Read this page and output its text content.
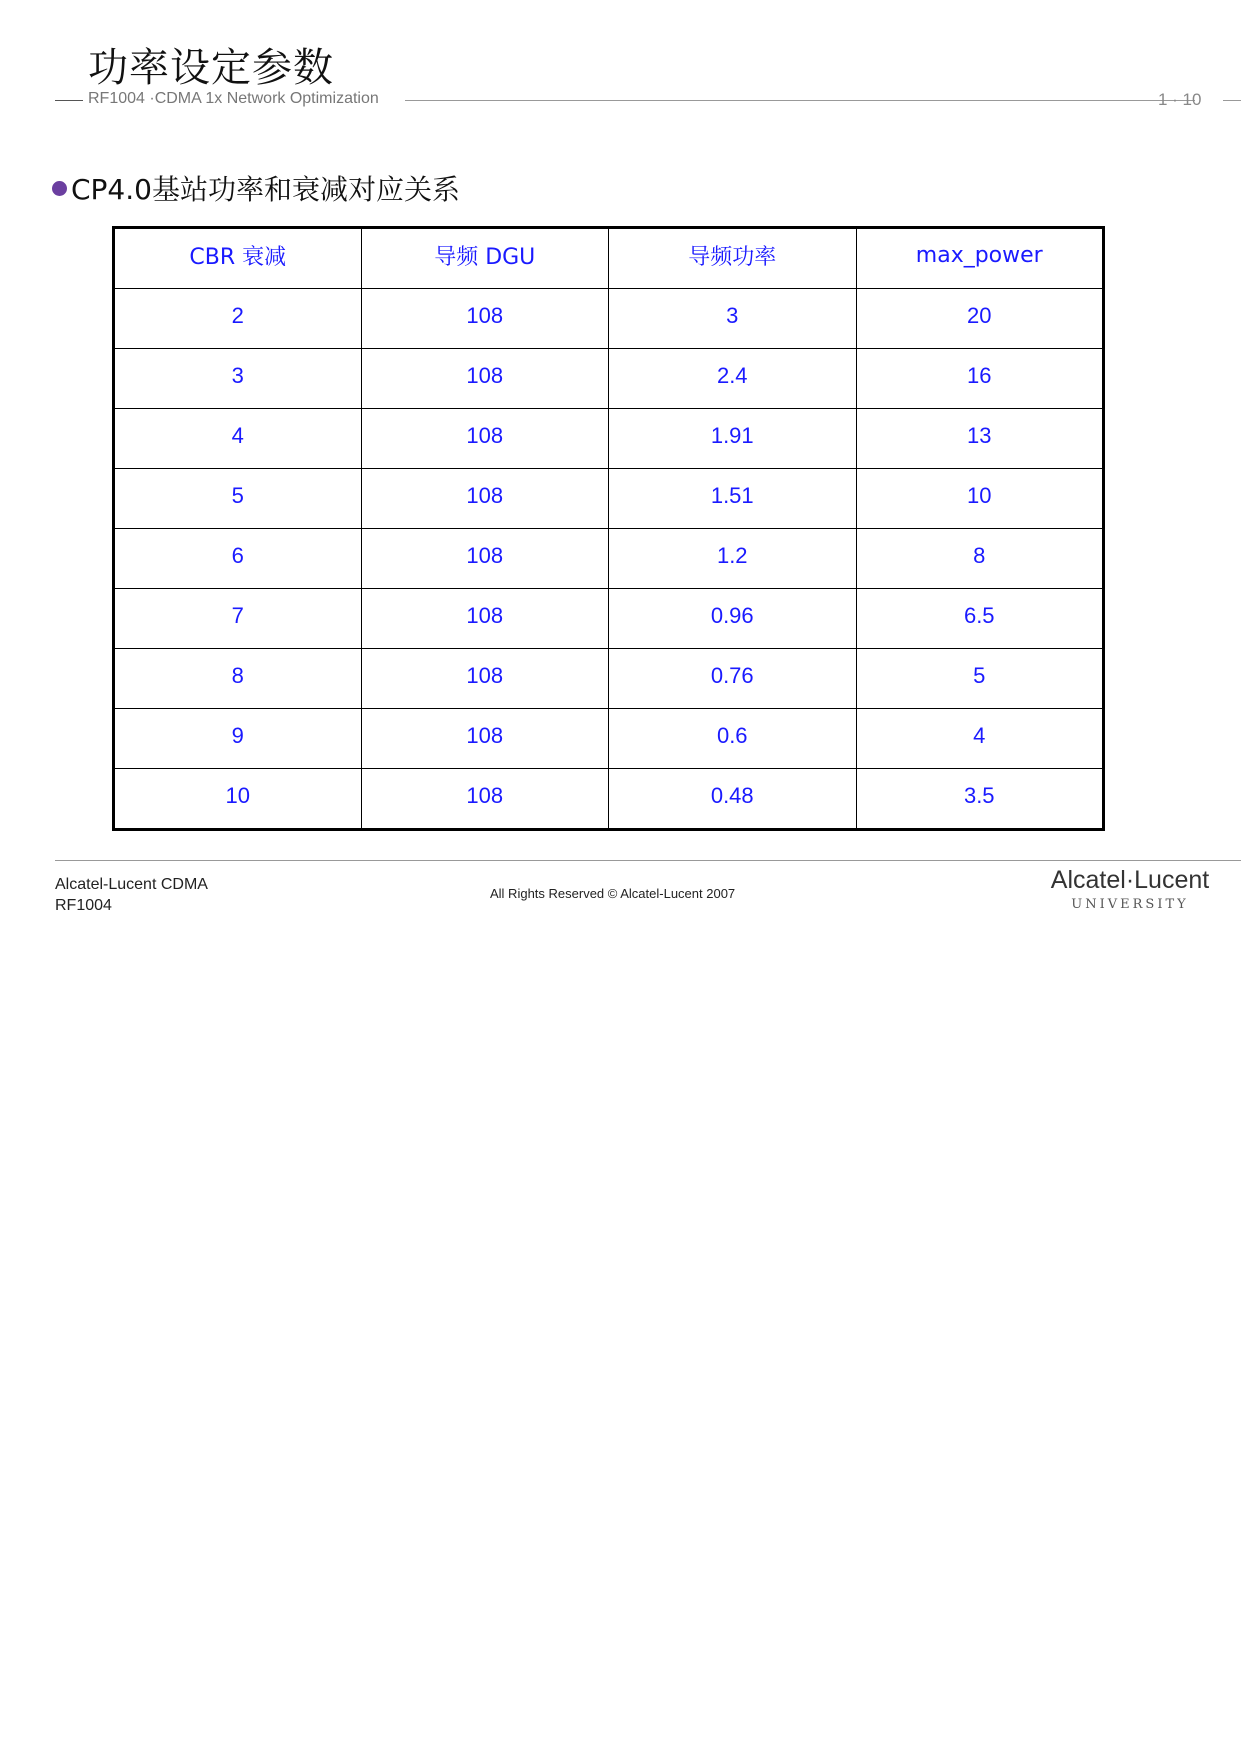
功率设定参数
RF1004 ·CDMA 1x Network Optimization	1 · 10
CP4.0基站功率和衰减对应关系
CBR 衰减	导频 DGU	导频功率	max_power
2	108	3	20
3	108	2.4	16
4	108	1.91	13
5	108	1.51	10
6	108	1.2	8
7	108	0.96	6.5
8	108	0.76	5
9	108	0.6	4
10	108	0.48	3.5
Alcatel-Lucent CDMA
RF1004
All Rights Reserved © Alcatel-Lucent 2007	Alcatel·Lucent
UNIVERSITY
